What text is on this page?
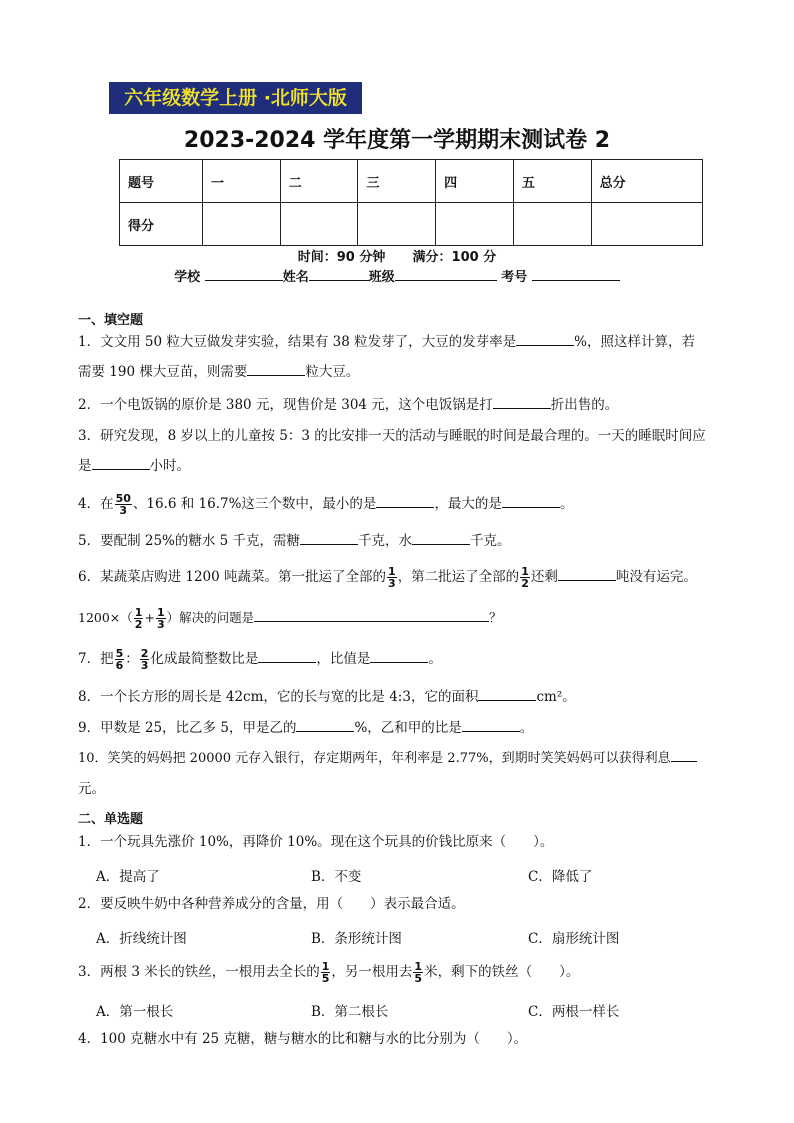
六年级数学上册 ·北师大版
2023-2024 学年度第一学期期末测试卷 2
题号	一	二	三	四	五	总分
得分						
时间：90 分钟 满分：100 分
学校	姓名	班级	考号
一、填空题
1．文文用 50 粒大豆做发芽实验，结果有 38 粒发芽了，大豆的发芽率是	%，照这样计算，若
需要 190 棵大豆苗，则需要	粒大豆。
2．一个电饭锅的原价是 380 元，现售价是 304 元，这个电饭锅是打	折出售的。
3．研究发现，8 岁以上的儿童按 5：3 的比安排一天的活动与睡眠的时间是最合理的。一天的睡眠时间应
是	小时。
4．在 $\frac{50}{3}$ 、16.6 和 16.7%这三个数中，最小的是	，最大的是	。
5．要配制 25%的糖水 5 千克，需糖	千克，水	千克。
6．某蔬菜店购进 1200 吨蔬菜。第一批运了全部的 $\frac{1}{3}$ ，第二批运了全部的 $\frac{1}{2}$ 还剩	吨没有运完。
$1200\times( \frac{1}{2} + \frac{1}{3}$ ）解决的问题是	？
7．把 $\frac{5}{6}$ ： $\frac{2}{3}$ 化成最简整数比是	，比值是	。
8．一个长方形的周长是 42cm，它的长与宽的比是 4:3，它的面积	cm²。
9．甲数是 25，比乙多 5，甲是乙的	%，乙和甲的比是	。
10．笑笑的妈妈把 20000 元存入银行，存定期两年，年利率是 2.77%，到期时笑笑妈妈可以获得利息
元。
二、单选题
1．一个玩具先涨价 10%，再降价 10%。现在这个玩具的价钱比原来（　　）。
A．提高了	B．不变	C．降低了
2．要反映牛奶中各种营养成分的含量，用（　　）表示最合适。
A．折线统计图	B．条形统计图	C．扇形统计图
3．两根 3 米长的铁丝，一根用去全长的 $\frac{1}{5}$ ，另一根用去 $\frac{1}{5}$ 米，剩下的铁丝（　　）。
A．第一根长	B．第二根长	C．两根一样长
4．100 克糖水中有 25 克糖，糖与糖水的比和糖与水的比分别为（　　）。
